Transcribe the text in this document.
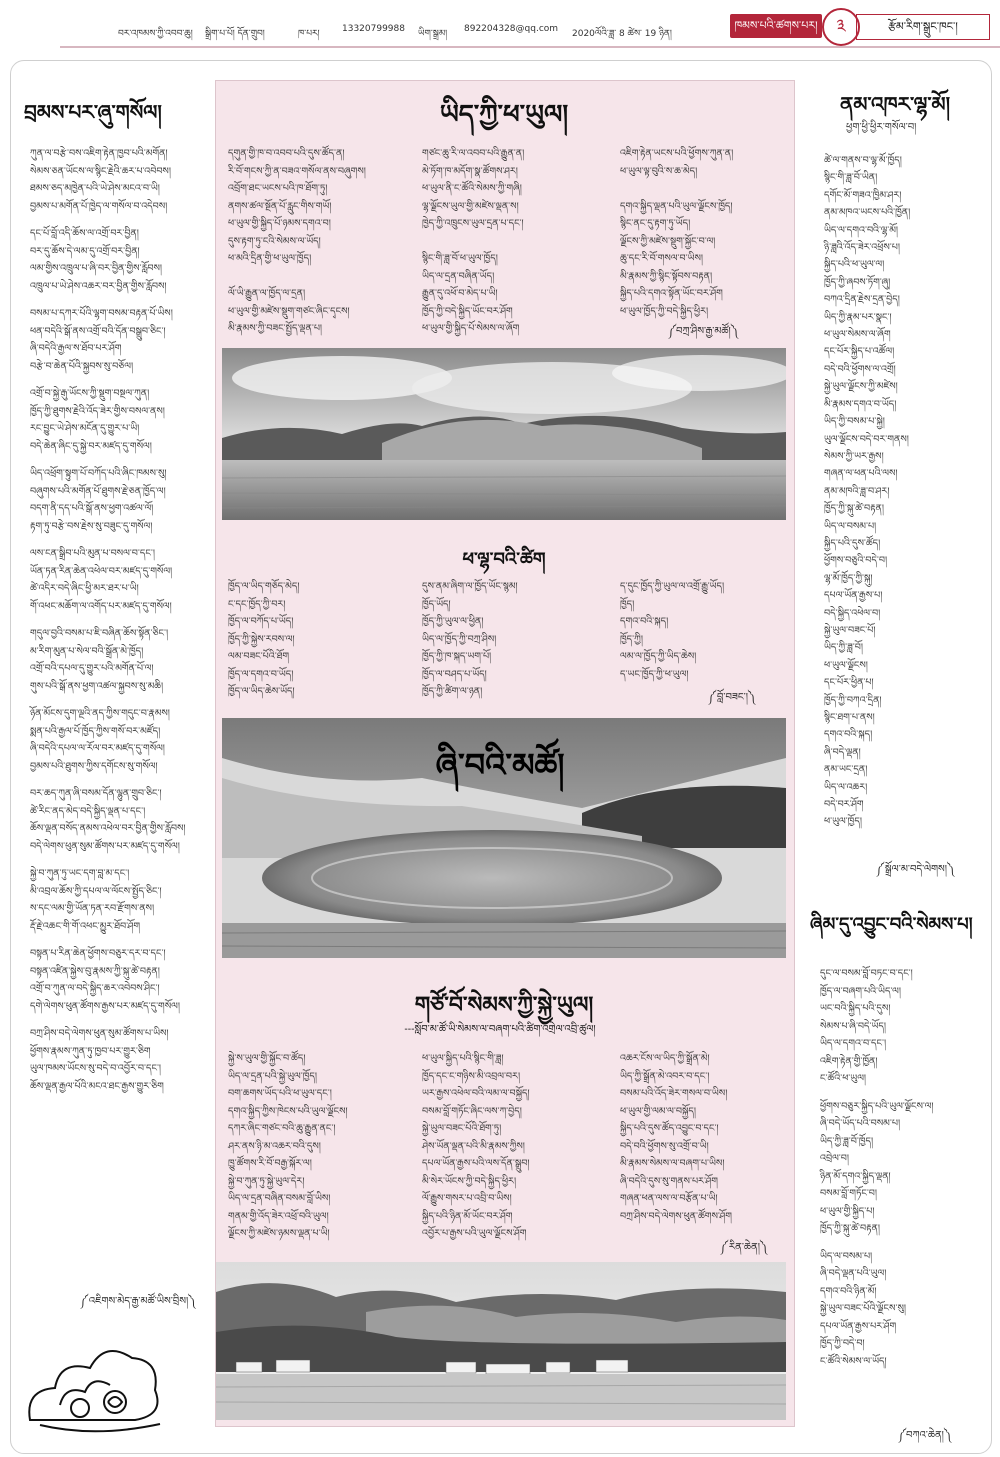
བར་འཁམས་ཀྱི་འབབ་ཆུ། སྒྲིག་པ་པོ། དོན་གྲུབ།	ཁ་པར། 13320799988 ཡིག་སྒྲམ། 892204328@qq.com 2020ལོའི་ཟླ་ 8 ཚེས་ 19 ཉིན།
ཁམས་པའི་ཚགས་པར།	༣	རྩོམ་རིག་སྒྲུང་ཁང་།
བྲམས་པར་ཞུ་གསོལ།
ཀུན་ལ་བརྩེ་བས་འཇིག་རྟེན་ཁྱབ་པའི་མགོན།
སེམས་ཅན་ཡོངས་ལ་སྙིང་རྗེའི་ཆར་པ་འབེབས།
ཐམས་ཅད་མཁྱེན་པའི་ཡེ་ཤེས་མངའ་བ་ཡི།
བྱམས་པ་མགོན་པོ་ཁྱེད་ལ་གསོལ་བ་འདེབས།
དང་པོ་བློ་འདི་ཆོས་ལ་འགྲོ་བར་བྱིན།
བར་དུ་ཆོས་དེ་ལམ་དུ་འགྲོ་བར་བྱིན།
ལམ་གྱིས་འཁྲུལ་པ་ཞི་བར་བྱིན་གྱིས་རློབས།
འཁྲུལ་པ་ཡེ་ཤེས་འཆར་བར་བྱིན་གྱིས་རློབས།
བསམ་པ་དཀར་པོའི་ལྷག་བསམ་བརྟན་པོ་ཡིས།
ཕན་བདེའི་སྒོ་ནས་འགྲོ་བའི་དོན་བསྒྲུབ་ཅིང་།
ཞི་བདེའི་རྒྱལ་ས་ཐོབ་པར་ཤོག
བརྩེ་བ་ཆེན་པོའི་སྐྱབས་སུ་བཅོལ།
འགྲོ་བ་སྐྱེ་རྒུ་ཡོངས་ཀྱི་སྡུག་བསྔལ་ཀུན།
ཁྱོད་ཀྱི་ཐུགས་རྗེའི་འོད་ཟེར་གྱིས་བསལ་ནས།
རང་བྱུང་ཡེ་ཤེས་མངོན་དུ་གྱུར་པ་ཡི།
བདེ་ཆེན་ཞིང་དུ་སྐྱེ་བར་མཛད་དུ་གསོལ།
ཡིད་འཕྲོག་སྟུག་པོ་བཀོད་པའི་ཞིང་ཁམས་སུ།
བཞུགས་པའི་མགོན་པོ་ཐུགས་རྗེ་ཅན་ཁྱོད་ལ།
བདག་ནི་དད་པའི་སྒོ་ནས་ཕྱག་འཚལ་ལོ།
རྟག་ཏུ་བརྩེ་བས་རྗེས་སུ་བཟུང་དུ་གསོལ།
ལས་ངན་སྒྲིབ་པའི་མུན་པ་བསལ་བ་དང་།
ཡོན་ཏན་རིན་ཆེན་འཕེལ་བར་མཛད་དུ་གསོལ།
ཚེ་འདིར་བདེ་ཞིང་ཕྱི་མར་ཐར་པ་ཡི།
གོ་འཕང་མཆོག་ལ་འགོད་པར་མཛད་དུ་གསོལ།
གདུལ་བྱའི་བསམ་པ་ཇི་བཞིན་ཆོས་སྟོན་ཅིང་།
མ་རིག་མུན་པ་སེལ་བའི་སྒྲོན་མེ་ཁྱོད།
འགྲོ་བའི་དཔལ་དུ་གྱུར་པའི་མགོན་པོ་ལ།
གུས་པའི་སྒོ་ནས་ཕྱག་འཚལ་སྐྱབས་སུ་མཆི།
ཉོན་མོངས་དུག་ལྔའི་ནད་ཀྱིས་གདུང་བ་རྣམས།
སྨན་པའི་རྒྱལ་པོ་ཁྱོད་ཀྱིས་གསོ་བར་མཛོད།
ཞི་བདེའི་དཔལ་ལ་རོལ་བར་མཛད་དུ་གསོལ།
བྱམས་པའི་ཐུགས་ཀྱིས་དགོངས་སུ་གསོལ།
བར་ཆད་ཀུན་ཞི་བསམ་དོན་ལྷུན་གྲུབ་ཅིང་།
ཚེ་རིང་ནད་མེད་བདེ་སྐྱིད་ལྡན་པ་དང་།
ཆོས་ལྡན་བསོད་ནམས་འཕེལ་བར་བྱིན་གྱིས་རློབས།
བདེ་ལེགས་ཕུན་སུམ་ཚོགས་པར་མཛད་དུ་གསོལ།
སྐྱེ་བ་ཀུན་ཏུ་ཡང་དག་བླ་མ་དང་།
མི་འབྲལ་ཆོས་ཀྱི་དཔལ་ལ་ལོངས་སྤྱོད་ཅིང་།
ས་དང་ལམ་གྱི་ཡོན་ཏན་རབ་རྫོགས་ནས།
རྡོ་རྗེ་འཆང་གི་གོ་འཕང་མྱུར་ཐོབ་ཤོག
བསྟན་པ་རིན་ཆེན་ཕྱོགས་བཅུར་དར་བ་དང་།
བསྟན་འཛིན་སྐྱེས་བུ་རྣམས་ཀྱི་སྐུ་ཚེ་བརྟན།
འགྲོ་བ་ཀུན་ལ་བདེ་སྐྱིད་ཆར་འབེབས་ཤིང་།
དགེ་ལེགས་ཕུན་ཚོགས་རྒྱས་པར་མཛད་དུ་གསོལ།
བཀྲ་ཤིས་བདེ་ལེགས་ཕུན་སུམ་ཚོགས་པ་ཡིས།
ཕྱོགས་རྣམས་ཀུན་ཏུ་ཁྱབ་པར་གྱུར་ཅིག
ཡུལ་ཁམས་ཡོངས་སུ་བདེ་བ་འབྱོར་བ་དང་།
ཆོས་ལྡན་རྒྱལ་པོའི་མངའ་ཐང་རྒྱས་གྱུར་ཅིག
༼འཇིགས་མེད་རྒྱ་མཚོ་ཡིས་བྲིས།༽
ཡིད་ཀྱི་ཕ་ཡུལ།
དགུན་གྱི་ཁ་བ་འབབ་པའི་དུས་ཚོད་ན།
རི་བོ་གངས་ཀྱི་ན་བཟའ་གསོལ་ནས་བཞུགས།
འབྲོག་ཐང་ཡངས་པའི་ཁ་ཐོག་ཏུ།
ནགས་ཚལ་སྔོན་པོ་རླུང་གིས་གཡོ།
ཕ་ཡུལ་གྱི་སྐྱིད་པོ་ཉམས་དགའ་བ།
དུས་རྟག་ཏུ་ངའི་སེམས་ལ་ཡོད།
ཕ་མའི་དྲིན་གྱི་ཕ་ཡུལ་ཁྱོད།

ལོ་ཡི་རྒྱུན་ལ་ཁྱོད་ལ་དྲན།
ཕ་ཡུལ་གྱི་མཛེས་སྡུག་གཙང་ཞིང་དྭངས།
མི་རྣམས་ཀྱི་བཟང་སྤྱོད་ལྡན་པ།
གཙང་ཆུ་རི་ལ་འབབ་པའི་རྒྱུན་ན།
མེ་ཏོག་ཁ་མདོག་སྣ་ཚོགས་ཤར།
ཕ་ཡུལ་ནི་ང་ཚོའི་སེམས་ཀྱི་གཞི།
ལྷ་ལྗོངས་ཡུལ་གྱི་མཛེས་ལྡན་ས།
ཁྱེད་ཀྱི་འཁྲུངས་ཡུལ་དྲན་པ་དང་།

སྙིང་གི་ཟླ་བོ་ཕ་ཡུལ་ཁྱོད།
ཡིད་ལ་དྲན་བཞིན་ཡོད།
རྒྱུན་དུ་འཕོ་བ་མེད་པ་ཡི།
ཁྱོད་ཀྱི་བདེ་སྐྱིད་ཡོང་བར་ཤོག
ཕ་ཡུལ་གྱི་སྐྱིད་པོ་སེམས་ལ་ཞོག
འཇིག་རྟེན་ཡངས་པའི་ཕྱོགས་ཀུན་ན།
ཕ་ཡུལ་ལྟ་བུའི་ས་ཆ་མེད།

དགའ་སྐྱིད་ལྡན་པའི་ཡུལ་ལྗོངས་ཁྱོད།
སྙིང་ནང་དུ་རྟག་ཏུ་ཡོད།
ལྗོངས་ཀྱི་མཛེས་སྡུག་སྐྱོང་བ་ལ།
ཆུ་དང་རི་བོ་གསལ་བ་ཡིས།
མི་རྣམས་ཀྱི་སྙིང་སྟོབས་བརྟན།
སྐྱིད་པའི་དགའ་སྟོན་ཡོང་བར་ཤོག
ཕ་ཡུལ་ཁྱོད་ཀྱི་བདེ་སྐྱིད་ཕྱིར།
༼བཀྲ་ཤིས་རྒྱ་མཚོ།༽
ཕ་ལྷ་བའི་ཚིག
ཁྱོད་ལ་ཡིད་གཅོད་མེད།
ང་དང་ཁྱོད་ཀྱི་བར།
ཁྱོད་ལ་བཀོད་པ་ཡོད།
ཁྱོད་ཀྱི་སྐྱེས་རབས་ལ།
ལམ་བཟང་པོའི་ཐོག
ཁྱོད་ལ་དགའ་བ་ཡོད།
ཁྱོད་ལ་ཡིད་ཆེས་ཡོད།
དུས་ནམ་ཞིག་ལ་ཁྱོད་ཡོང་སྙམ།
ཁྱོད་ཡོད།
ཁྱོད་ཀྱི་ཡུལ་ལ་ཕྱིན།
ཡིད་ལ་ཁྱོད་ཀྱི་བཀྲ་ཤིས།
ཁྱོད་ཀྱི་ཁ་སྐད་ཡག་པོ།
ཁྱོད་ལ་བཤད་པ་ཡོད།
ཁྱོད་ཀྱི་ཚིག་ལ་ཉན།
ད་དུང་ཁྱོད་ཀྱི་ཡུལ་ལ་འགྲོ་རྒྱུ་ཡོད།
ཁྱོད།
དགའ་བའི་སྐད།
ཁྱོད་ཀྱི།
ལམ་ལ་ཁྱོད་ཀྱི་ཡིད་ཆེས།
ད་ཡང་ཁྱོད་ཀྱི་ཕ་ཡུལ།
༼བློ་བཟང་།༽
ཞི་བའི་མཚོ།
གཙོ་བོ་སེམས་ཀྱི་སྐྱེ་ཡུལ།
---སློབ་མ་ཚོ་ཡི་སེམས་ལ་བཞག་པའི་ཚིག་འགྲེལ་འབྲི་ཚུལ།
སྐྱེ་ས་ཡུལ་གྱི་སྐྱོང་བ་ཚོད།
ཡིད་ལ་དྲན་པའི་སྐྱེ་ཡུལ་ཁྱོད།
བག་ཆགས་ཡོད་པའི་ཕ་ཡུལ་དང་།
དགའ་སྐྱིད་ཀྱིས་ཁེངས་པའི་ཡུལ་ལྗོངས།
དཀར་ཞིང་གཙང་བའི་ཆུ་རྒྱུན་ནང་།
ཤར་ནས་ཉི་མ་འཆར་བའི་དུས།
ཁྱུ་ཚོགས་རི་བོ་བརྒྱ་སྐོར་ལ།
སྐྱེ་བ་ཀུན་ཏུ་སྐྱེ་ཡུལ་དེར།
ཡིད་ལ་དྲན་བཞིན་བསམ་བློ་ཡིས།
གནམ་གྱི་འོད་ཟེར་འཕྲོ་བའི་ཡུལ།
ལྗོངས་ཀྱི་མཛེས་ཉམས་ལྡན་པ་ཡི།
ཕ་ཡུལ་སྐྱིད་པའི་སྙིང་གི་ཟླ།
ཁྱོད་དང་ང་གཉིས་མི་འབྲལ་བར།
ཡར་རྒྱས་འཕེལ་བའི་ལམ་ལ་བསྐྱོད།
བསམ་བློ་གཏོང་ཞིང་ལས་ཀ་བྱེད།
སྐྱེ་ཡུལ་བཟང་པོའི་ཐོག་ཏུ།
ཤེས་ཡོན་ལྡན་པའི་མི་རྣམས་ཀྱིས།
དཔལ་ཡོན་རྒྱས་པའི་ལས་དོན་སྒྲུབ།
མི་སེར་ཡོངས་ཀྱི་བདེ་སྐྱིད་ཕྱིར།
ལོ་རྒྱུས་གསར་པ་འབྲི་བ་ཡིས།
སྐྱིད་པའི་ཉིན་མོ་ཡོང་བར་ཤོག
འབྱོར་པ་རྒྱས་པའི་ཡུལ་ལྗོངས་ཤོག
འཆར་ངོས་ལ་ཡིད་ཀྱི་སྒྲོན་མེ།
ཡིད་ཀྱི་སྒྲོན་མེ་འབར་བ་དང་།
བསམ་པའི་འོད་ཟེར་གསལ་བ་ཡིས།
ཕ་ཡུལ་གྱི་ལམ་ལ་བསྐྱོད།
སྐྱིད་པའི་དུས་ཚོད་འབྱུང་བ་དང་།
བདེ་བའི་ཕྱོགས་སུ་འགྲོ་བ་ཡི།
མི་རྣམས་སེམས་ལ་བཞག་པ་ཡིས།
ཞི་བདེའི་དུས་སུ་གནས་པར་ཤོག
གཞན་ཕན་ལས་ལ་བརྩོན་པ་ཡི།
བཀྲ་ཤིས་བདེ་ལེགས་ཕུན་ཚོགས་ཤོག
༼རིན་ཆེན།༽
ནམ་འཁར་ལྷ་མོ།
ཕྱག་ཕྱི་ཕྱིར་གསོལ་བ།
ཚེ་ལ་གནས་བ་ལྷ་མོ་ཁྱོད།
སྙིང་གི་ཟླ་བོ་ཡིན།
དགོང་མོ་གཟའ་ཁྱིམ་ཤར།
ནམ་མཁའ་ཡངས་པའི་ཁྱོན།
ཡིད་ལ་དགའ་བའི་ལྷ་མོ།
ཉི་ཟླའི་འོད་ཟེར་འཕྲོས་པ།
སྐྱིད་པའི་ཕ་ཡུལ་ལ།
ཁྱོད་ཀྱི་ཞབས་ཏོག་ཞུ།
བཀའ་དྲིན་རྗེས་དྲན་བྱེད།
ཡིད་ཀྱི་རྣམ་པར་སྣང་།
ཕ་ཡུལ་སེམས་ལ་ཞོག
དང་པོར་སྐྱིད་པ་འཚོལ།
བདེ་བའི་ཕྱོགས་ལ་འགྲོ།
སྐྱེ་ཡུལ་ལྗོངས་ཀྱི་མཛེས།
མི་རྣམས་དགའ་བ་ཡོད།
ཡིད་ཀྱི་བསམ་པ་སྐྱེ།
ཡུལ་ལྗོངས་བདེ་བར་གནས།
སེམས་ཀྱི་ཡར་རྒྱས།
གཞན་ལ་ཕན་པའི་ལས།
ནམ་མཁའི་ཟླ་བ་ཤར།
ཁྱོད་ཀྱི་སྐུ་ཚེ་བརྟན།
ཡིད་ལ་བསམ་པ།
སྐྱིད་པའི་དུས་ཚོད།
ཕྱོགས་བཅུའི་བདེ་བ།
ལྷ་མོ་ཁྱོད་ཀྱི་སྐུ།
དཔལ་ཡོན་རྒྱས་པ།
བདེ་སྐྱིད་འཕེལ་བ།
སྐྱེ་ཡུལ་བཟང་པོ།
ཡིད་ཀྱི་ཟླ་བོ།
ཕ་ཡུལ་ལྗོངས།
དང་པོར་ཕྱིན་པ།
ཁྱོད་ཀྱི་བཀའ་དྲིན།
སྙིང་ཐག་པ་ནས།
དགའ་བའི་སྐད།
ཞི་བདེ་ལྡན།
ནམ་ཡང་དྲན།
ཡིད་ལ་འཆར།
བདེ་བར་ཤོག
ཕ་ཡུལ་ཁྱོད།
༼སྒྲོལ་མ་བདེ་ལེགས།༽
ཞིམ་དུ་འབྱུང་བའི་སེམས་པ།
དུང་ལ་བསམ་བློ་བཏང་བ་དང་།
ཁྱོད་ལ་བཞག་པའི་ཡིད་ལ།
ཡང་བའི་སྐྱིད་པའི་དུས།
སེམས་པ་ཞི་བདེ་ཡོད།
ཡིད་ལ་དགའ་བ་དང་།
འཇིག་རྟེན་གྱི་ཁྱོན།
ང་ཚོའི་ཕ་ཡུལ།
ཕྱོགས་བཅུར་སྐྱིད་པའི་ཡུལ་ལྗོངས་ལ།
ཞི་བདེ་ཡོད་པའི་བསམ་པ།
ཡིད་ཀྱི་ཟླ་བོ་ཁྱོད།
འབྲེལ་བ།
ཉིན་མོ་དགའ་སྐྱིད་ལྡན།
བསམ་བློ་གཏོང་བ།
ཕ་ཡུལ་གྱི་སྐྱིད་པ།
ཁྱོད་ཀྱི་སྐུ་ཚེ་བརྟན།
ཡིད་ལ་བསམ་པ།
ཞི་བདེ་ལྡན་པའི་ཡུལ།
དགའ་བའི་ཉིན་མོ།
སྐྱེ་ཡུལ་བཟང་པོའི་ལྗོངས་སུ།
དཔལ་ཡོན་རྒྱས་པར་ཤོག
ཁྱོད་ཀྱི་བདེ་བ།
ང་ཚོའི་སེམས་ལ་ཡོད།
༼བཀའ་ཆེན།༽
